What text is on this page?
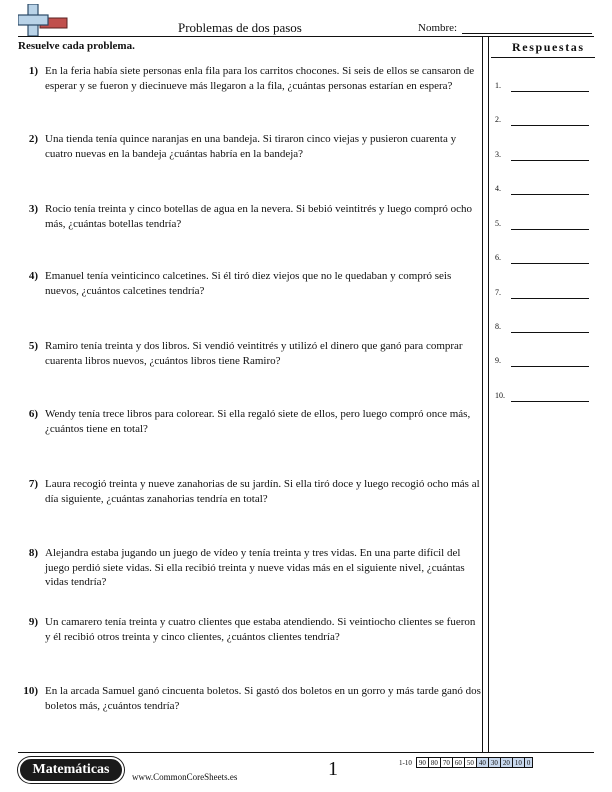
Problemas de dos pasos	Nombre:
Resuelve cada problema.
1) En la feria había siete personas enla fila para los carritos chocones. Si seis de ellos se cansaron de esperar y se fueron y diecinueve más llegaron a la fila, ¿cuántas personas estarían en espera?
2) Una tienda tenía quince naranjas en una bandeja. Si tiraron cinco viejas y pusieron cuarenta y cuatro nuevas en la bandeja ¿cuántas habría en la bandeja?
3) Rocio tenía treinta y cinco botellas de agua en la nevera. Si bebió veintitrés y luego compró ocho más, ¿cuántas botellas tendría?
4) Emanuel tenía veinticinco calcetines. Si él tiró diez viejos que no le quedaban y compró seis nuevos, ¿cuántos calcetines tendría?
5) Ramiro tenía treinta y dos libros. Si vendió veintitrés y utilizó el dinero que ganó para comprar cuarenta libros nuevos, ¿cuántos libros tiene Ramiro?
6) Wendy tenía trece libros para colorear. Si ella regaló siete de ellos, pero luego compró once más, ¿cuántos tiene en total?
7) Laura recogió treinta y nueve zanahorias de su jardín. Si ella tiró doce y luego recogió ocho más al día siguiente, ¿cuántas zanahorias tendría en total?
8) Alejandra estaba jugando un juego de vídeo y tenía treinta y tres vidas. En una parte difícil del juego perdió siete vidas. Si ella recibió treinta y nueve vidas más en el siguiente nivel, ¿cuántas vidas tendría?
9) Un camarero tenía treinta y cuatro clientes que estaba atendiendo. Si veintiocho clientes se fueron y él recibió otros treinta y cinco clientes, ¿cuántos clientes tendría?
10) En la arcada Samuel ganó cincuenta boletos. Si gastó dos boletos en un gorro y más tarde ganó dos boletos más, ¿cuántos tendría?
Respuestas
1.
2.
3.
4.
5.
6.
7.
8.
9.
10.
Matemáticas	www.CommonCoreSheets.es	1	1-10	90	80	70	60	50	40	30	20	10	0
